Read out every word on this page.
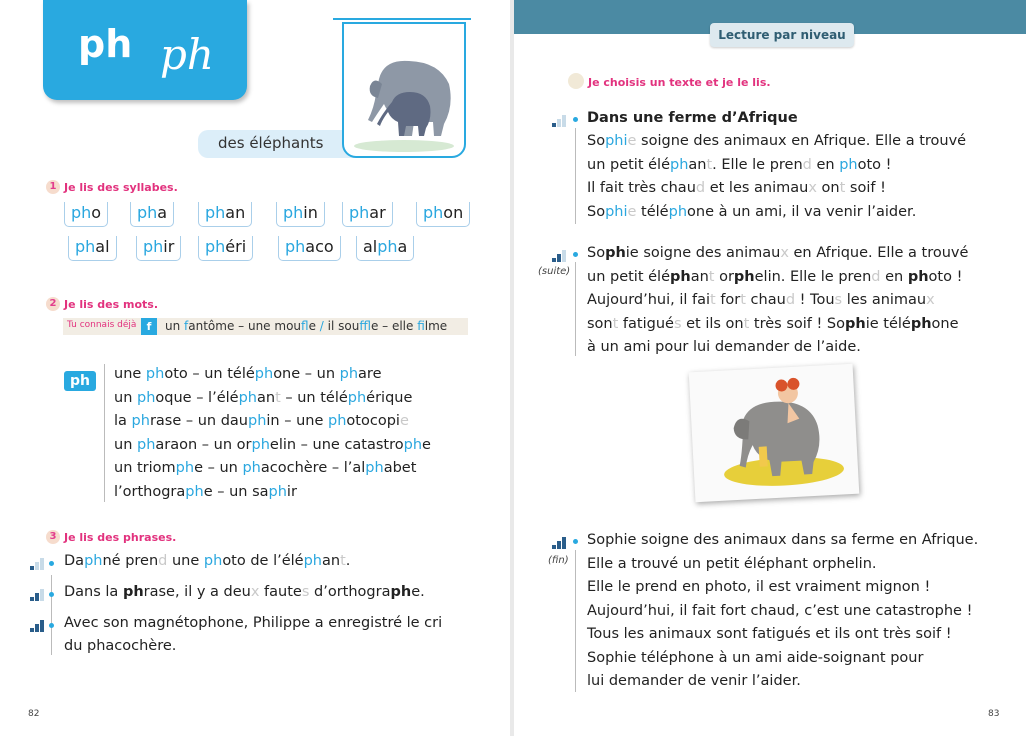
ph ph
des éléphants
1 Je lis des syllabes.
pho	pha	phan	phin	phar	phon
phal	phir	phéri	phaco	alpha
2 Je lis des mots.
Tu connais déjà f	un fantôme – une moufle / il souffle – elle filme
ph	une photo – un téléphone – un phare
un phoque – l’éléphant – un téléphérique
la phrase – un dauphin – une photocopie
un pharaon – un orphelin – une catastrophe
un triomphe – un phacochère – l’alphabet
l’orthographe – un saphir
3 Je lis des phrases.
Daphné prend une photo de l’éléphant.
Dans la phrase, il y a deux fautes d’orthographe.
Avec son magnétophone, Philippe a enregistré le cri
du phacochère.
82
Lecture par niveau
Je choisis un texte et je le lis.
Dans une ferme d’Afrique
Sophie soigne des animaux en Afrique. Elle a trouvé
un petit éléphant. Elle le prend en photo !
Il fait très chaud et les animaux ont soif !
Sophie téléphone à un ami, il va venir l’aider.
(suite)
Sophie soigne des animaux en Afrique. Elle a trouvé
un petit éléphant orphelin. Elle le prend en photo !
Aujourd’hui, il fait fort chaud ! Tous les animaux
sont fatigués et ils ont très soif ! Sophie téléphone
à un ami pour lui demander de l’aide.
(fin)
Sophie soigne des animaux dans sa ferme en Afrique.
Elle a trouvé un petit éléphant orphelin.
Elle le prend en photo, il est vraiment mignon !
Aujourd’hui, il fait fort chaud, c’est une catastrophe !
Tous les animaux sont fatigués et ils ont très soif !
Sophie téléphone à un ami aide-soignant pour
lui demander de venir l’aider.
83
